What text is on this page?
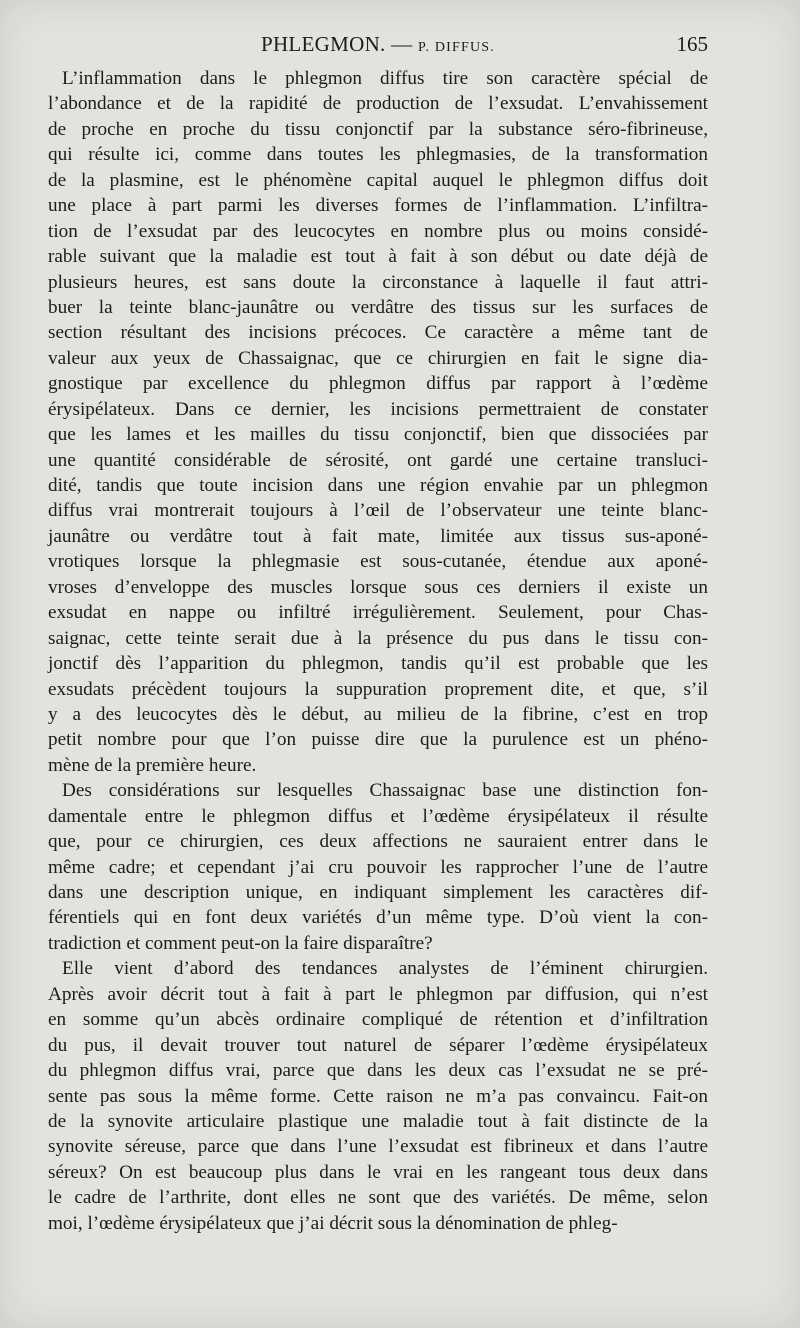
PHLEGMON. — P. DIFFUS.	165
L’inflammation dans le phlegmon diffus tire son caractère spécial de
l’abondance et de la rapidité de production de l’exsudat. L’envahissement
de proche en proche du tissu conjonctif par la substance séro-fibrineuse,
qui résulte ici, comme dans toutes les phlegmasies, de la transformation
de la plasmine, est le phénomène capital auquel le phlegmon diffus doit
une place à part parmi les diverses formes de l’inflammation. L’infiltra-
tion de l’exsudat par des leucocytes en nombre plus ou moins considé-
rable suivant que la maladie est tout à fait à son début ou date déjà de
plusieurs heures, est sans doute la circonstance à laquelle il faut attri-
buer la teinte blanc-jaunâtre ou verdâtre des tissus sur les surfaces de
section résultant des incisions précoces. Ce caractère a même tant de
valeur aux yeux de Chassaignac, que ce chirurgien en fait le signe dia-
gnostique par excellence du phlegmon diffus par rapport à l’œdème
érysipélateux. Dans ce dernier, les incisions permettraient de constater
que les lames et les mailles du tissu conjonctif, bien que dissociées par
une quantité considérable de sérosité, ont gardé une certaine transluci-
dité, tandis que toute incision dans une région envahie par un phlegmon
diffus vrai montrerait toujours à l’œil de l’observateur une teinte blanc-
jaunâtre ou verdâtre tout à fait mate, limitée aux tissus sus-aponé-
vrotiques lorsque la phlegmasie est sous-cutanée, étendue aux aponé-
vroses d’enveloppe des muscles lorsque sous ces derniers il existe un
exsudat en nappe ou infiltré irrégulièrement. Seulement, pour Chas-
saignac, cette teinte serait due à la présence du pus dans le tissu con-
jonctif dès l’apparition du phlegmon, tandis qu’il est probable que les
exsudats précèdent toujours la suppuration proprement dite, et que, s’il
y a des leucocytes dès le début, au milieu de la fibrine, c’est en trop
petit nombre pour que l’on puisse dire que la purulence est un phéno-
mène de la première heure.
Des considérations sur lesquelles Chassaignac base une distinction fon-
damentale entre le phlegmon diffus et l’œdème érysipélateux il résulte
que, pour ce chirurgien, ces deux affections ne sauraient entrer dans le
même cadre; et cependant j’ai cru pouvoir les rapprocher l’une de l’autre
dans une description unique, en indiquant simplement les caractères dif-
férentiels qui en font deux variétés d’un même type. D’où vient la con-
tradiction et comment peut-on la faire disparaître?
Elle vient d’abord des tendances analystes de l’éminent chirurgien.
Après avoir décrit tout à fait à part le phlegmon par diffusion, qui n’est
en somme qu’un abcès ordinaire compliqué de rétention et d’infiltration
du pus, il devait trouver tout naturel de séparer l’œdème érysipélateux
du phlegmon diffus vrai, parce que dans les deux cas l’exsudat ne se pré-
sente pas sous la même forme. Cette raison ne m’a pas convaincu. Fait-on
de la synovite articulaire plastique une maladie tout à fait distincte de la
synovite séreuse, parce que dans l’une l’exsudat est fibrineux et dans l’autre
séreux? On est beaucoup plus dans le vrai en les rangeant tous deux dans
le cadre de l’arthrite, dont elles ne sont que des variétés. De même, selon
moi, l’œdème érysipélateux que j’ai décrit sous la dénomination de phleg-
